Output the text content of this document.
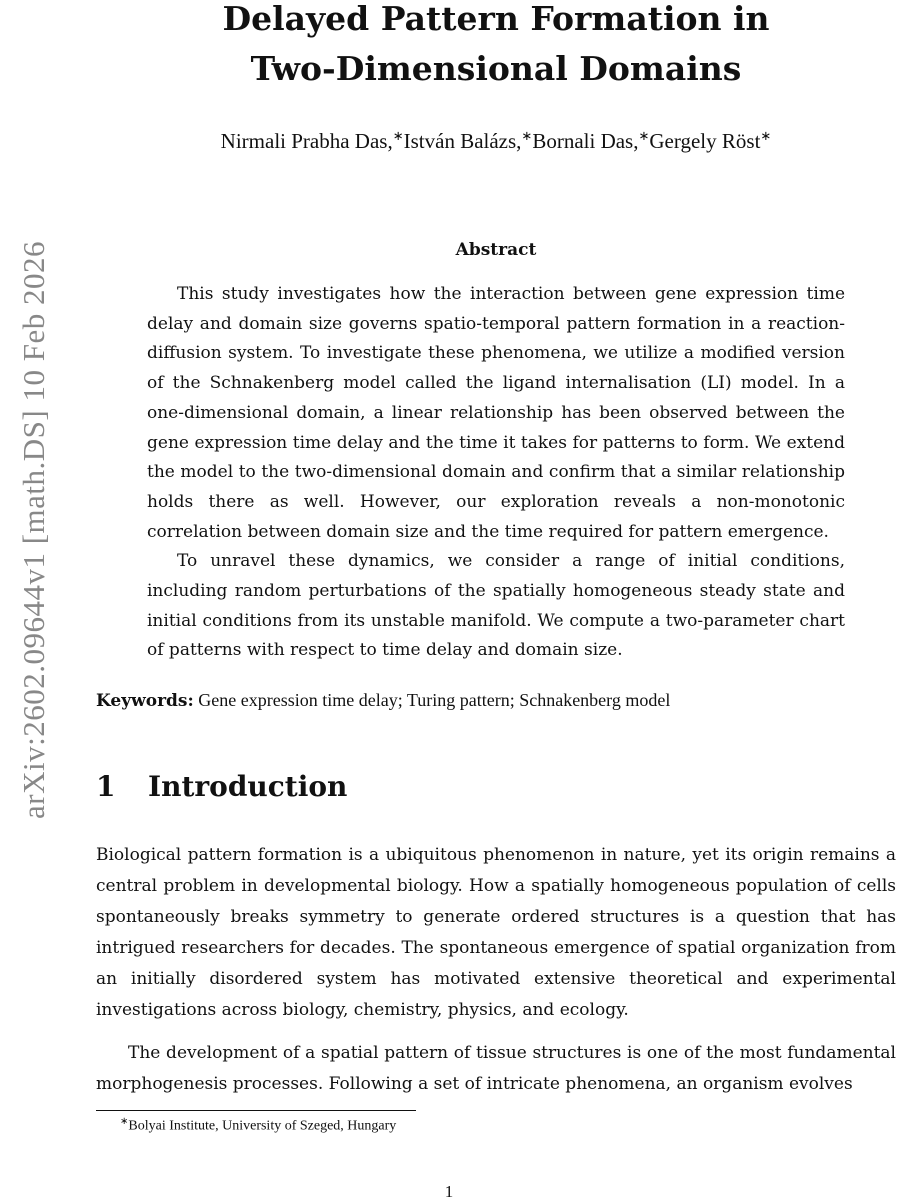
arXiv:2602.09644v1 [math.DS] 10 Feb 2026
Delayed Pattern Formation in
Two-Dimensional Domains
Nirmali Prabha Das,∗István Balázs,∗Bornali Das,∗Gergely Röst∗
Abstract

This study investigates how the interaction between gene expression time delay and domain size governs spatio-temporal pattern formation in a reaction-diffusion system. To investigate these phenomena, we utilize a modified version of the Schnakenberg model called the ligand internalisation (LI) model. In a one-dimensional domain, a linear relationship has been observed between the gene expression time delay and the time it takes for patterns to form. We extend the model to the two-dimensional domain and confirm that a similar relationship holds there as well. However, our exploration reveals a non-monotonic correlation between domain size and the time required for pattern emergence.

To unravel these dynamics, we consider a range of initial conditions, including random perturbations of the spatially homogeneous steady state and initial conditions from its unstable manifold. We compute a two-parameter chart of patterns with respect to time delay and domain size.

Keywords: Gene expression time delay; Turing pattern; Schnakenberg model
1	Introduction

Biological pattern formation is a ubiquitous phenomenon in nature, yet its origin remains a central problem in developmental biology. How a spatially homogeneous population of cells spontaneously breaks symmetry to generate ordered structures is a question that has intrigued researchers for decades. The spontaneous emergence of spatial organization from an initially disordered system has motivated extensive theoretical and experimental investigations across biology, chemistry, physics, and ecology.

The development of a spatial pattern of tissue structures is one of the most fundamental morphogenesis processes. Following a set of intricate phenomena, an organism evolves

∗Bolyai Institute, University of Szeged, Hungary
1
